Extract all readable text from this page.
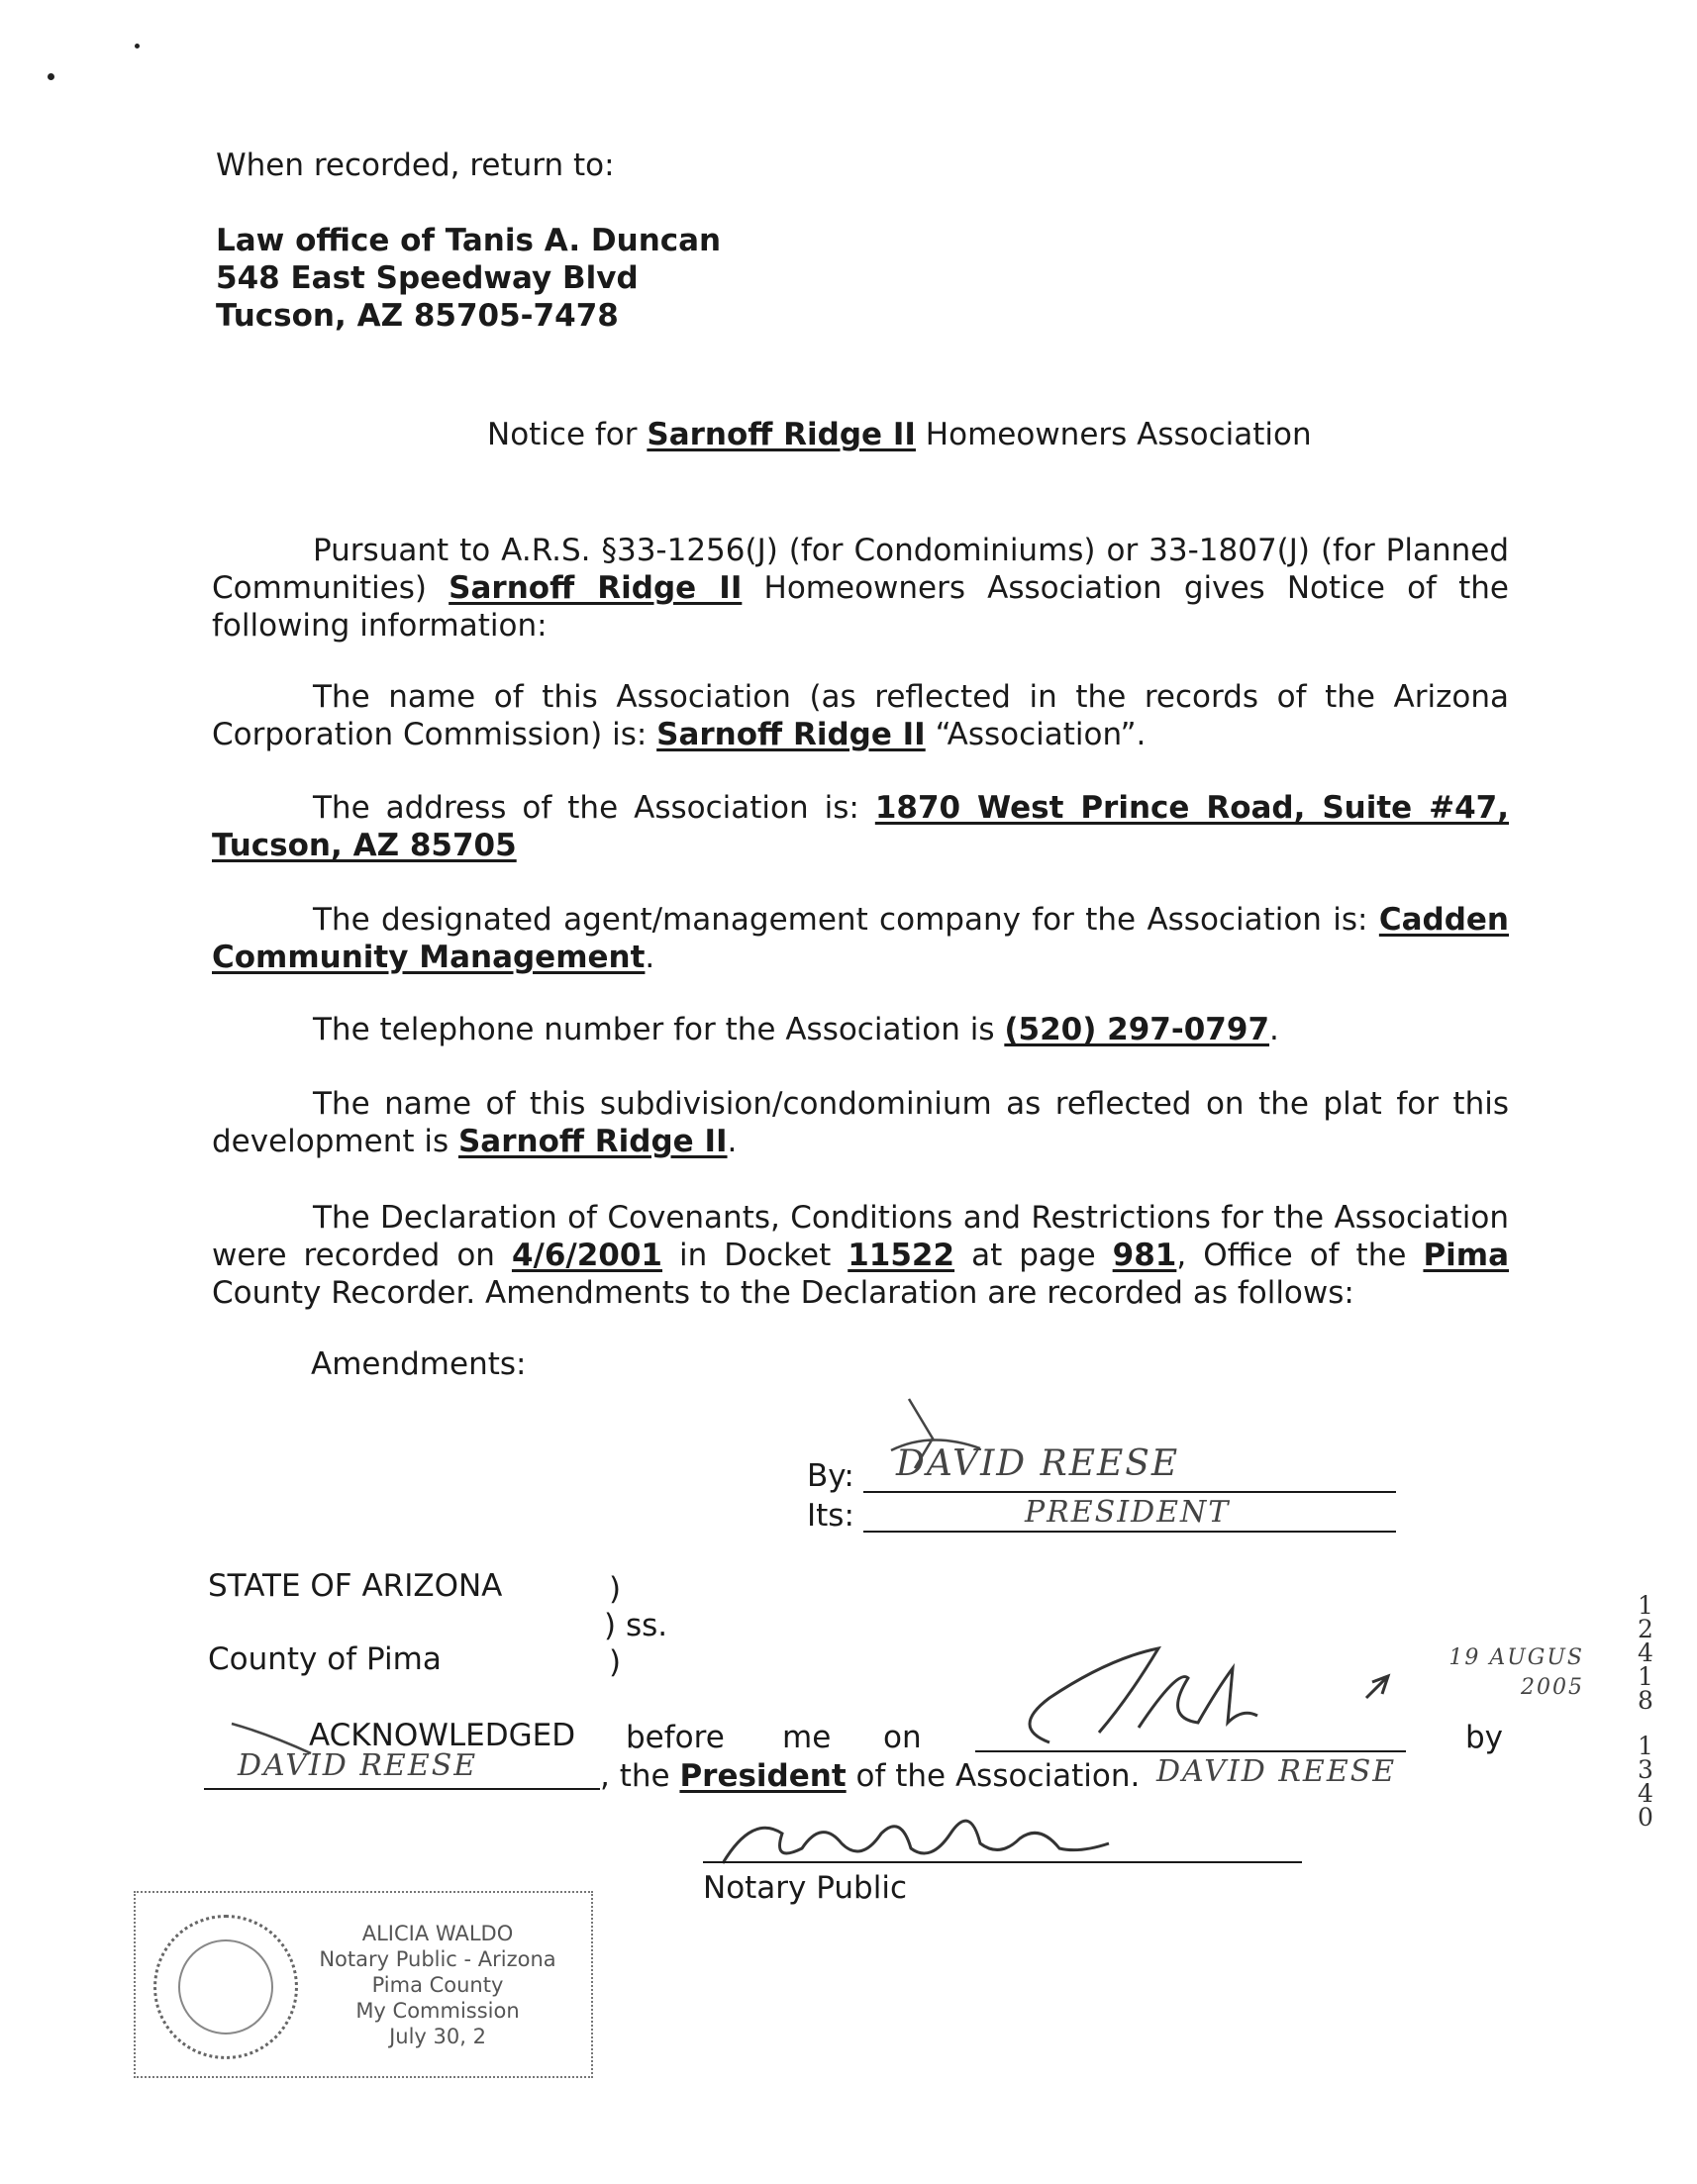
When recorded, return to:
Law office of Tanis A. Duncan
548 East Speedway Blvd
Tucson, AZ 85705-7478
Notice for Sarnoff Ridge II Homeowners Association
Pursuant to A.R.S. §33-1256(J) (for Condominiums) or 33-1807(J) (for Planned Communities) Sarnoff Ridge II Homeowners Association gives Notice of the following information:
The name of this Association (as reflected in the records of the Arizona Corporation Commission) is: Sarnoff Ridge II “Association”.
The address of the Association is: 1870 West Prince Road, Suite #47, Tucson, AZ 85705
The designated agent/management company for the Association is: Cadden Community Management.
The telephone number for the Association is (520) 297-0797.
The name of this subdivision/condominium as reflected on the plat for this development is Sarnoff Ridge II.
The Declaration of Covenants, Conditions and Restrictions for the Association were recorded on 4/6/2001 in Docket 11522 at page 981, Office of the Pima County Recorder. Amendments to the Declaration are recorded as follows:
Amendments:
By: DAVID REESE
Its:	PRESIDENT
STATE OF ARIZONA
County of Pima
)
) ss.
)	19 AUGUS 2005
ACKNOWLEDGED before me on	by
DAVID REESE	, the President of the Association. DAVID REESE
Notary Public
ALICIA WALDO
Notary Public - Arizona
Pima County
My Commission
July 30, 2
1
2
4
1
8
1
3
4
0
